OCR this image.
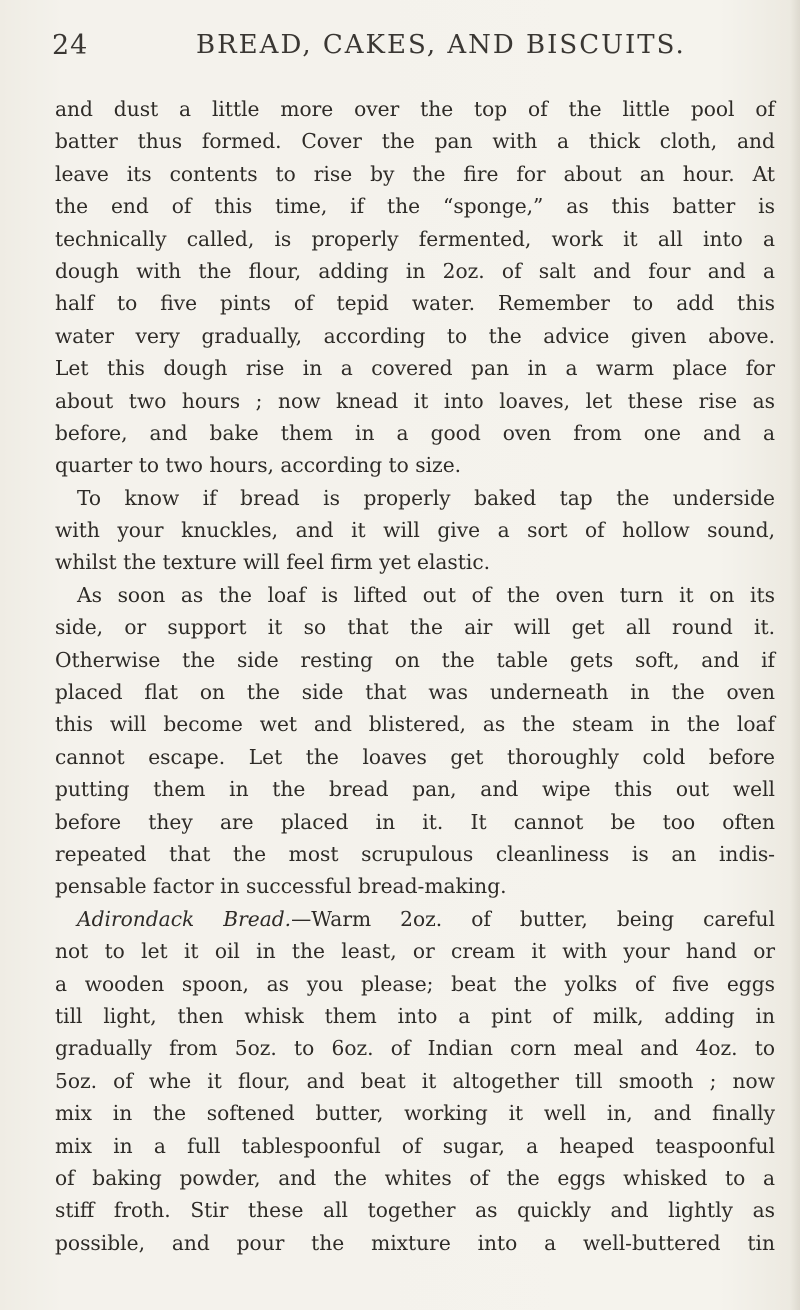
24	BREAD, CAKES, AND BISCUITS.
and dust a little more over the top of the little pool of
batter thus formed. Cover the pan with a thick cloth, and
leave its contents to rise by the fire for about an hour. At
the end of this time, if the “sponge,” as this batter is
technically called, is properly fermented, work it all into a
dough with the flour, adding in 2oz. of salt and four and a
half to five pints of tepid water. Remember to add this
water very gradually, according to the advice given above.
Let this dough rise in a covered pan in a warm place for
about two hours ; now knead it into loaves, let these rise as
before, and bake them in a good oven from one and a
quarter to two hours, according to size.
To know if bread is properly baked tap the underside
with your knuckles, and it will give a sort of hollow sound,
whilst the texture will feel firm yet elastic.
As soon as the loaf is lifted out of the oven turn it on its
side, or support it so that the air will get all round it.
Otherwise the side resting on the table gets soft, and if
placed flat on the side that was underneath in the oven
this will become wet and blistered, as the steam in the loaf
cannot escape. Let the loaves get thoroughly cold before
putting them in the bread pan, and wipe this out well
before they are placed in it. It cannot be too often
repeated that the most scrupulous cleanliness is an indis-
pensable factor in successful bread-making.
Adirondack Bread.—Warm 2oz. of butter, being careful
not to let it oil in the least, or cream it with your hand or
a wooden spoon, as you please; beat the yolks of five eggs
till light, then whisk them into a pint of milk, adding in
gradually from 5oz. to 6oz. of Indian corn meal and 4oz. to
5oz. of whe it flour, and beat it altogether till smooth ; now
mix in the softened butter, working it well in, and finally
mix in a full tablespoonful of sugar, a heaped teaspoonful
of baking powder, and the whites of the eggs whisked to a
stiff froth. Stir these all together as quickly and lightly as
possible, and pour the mixture into a well-buttered tin
